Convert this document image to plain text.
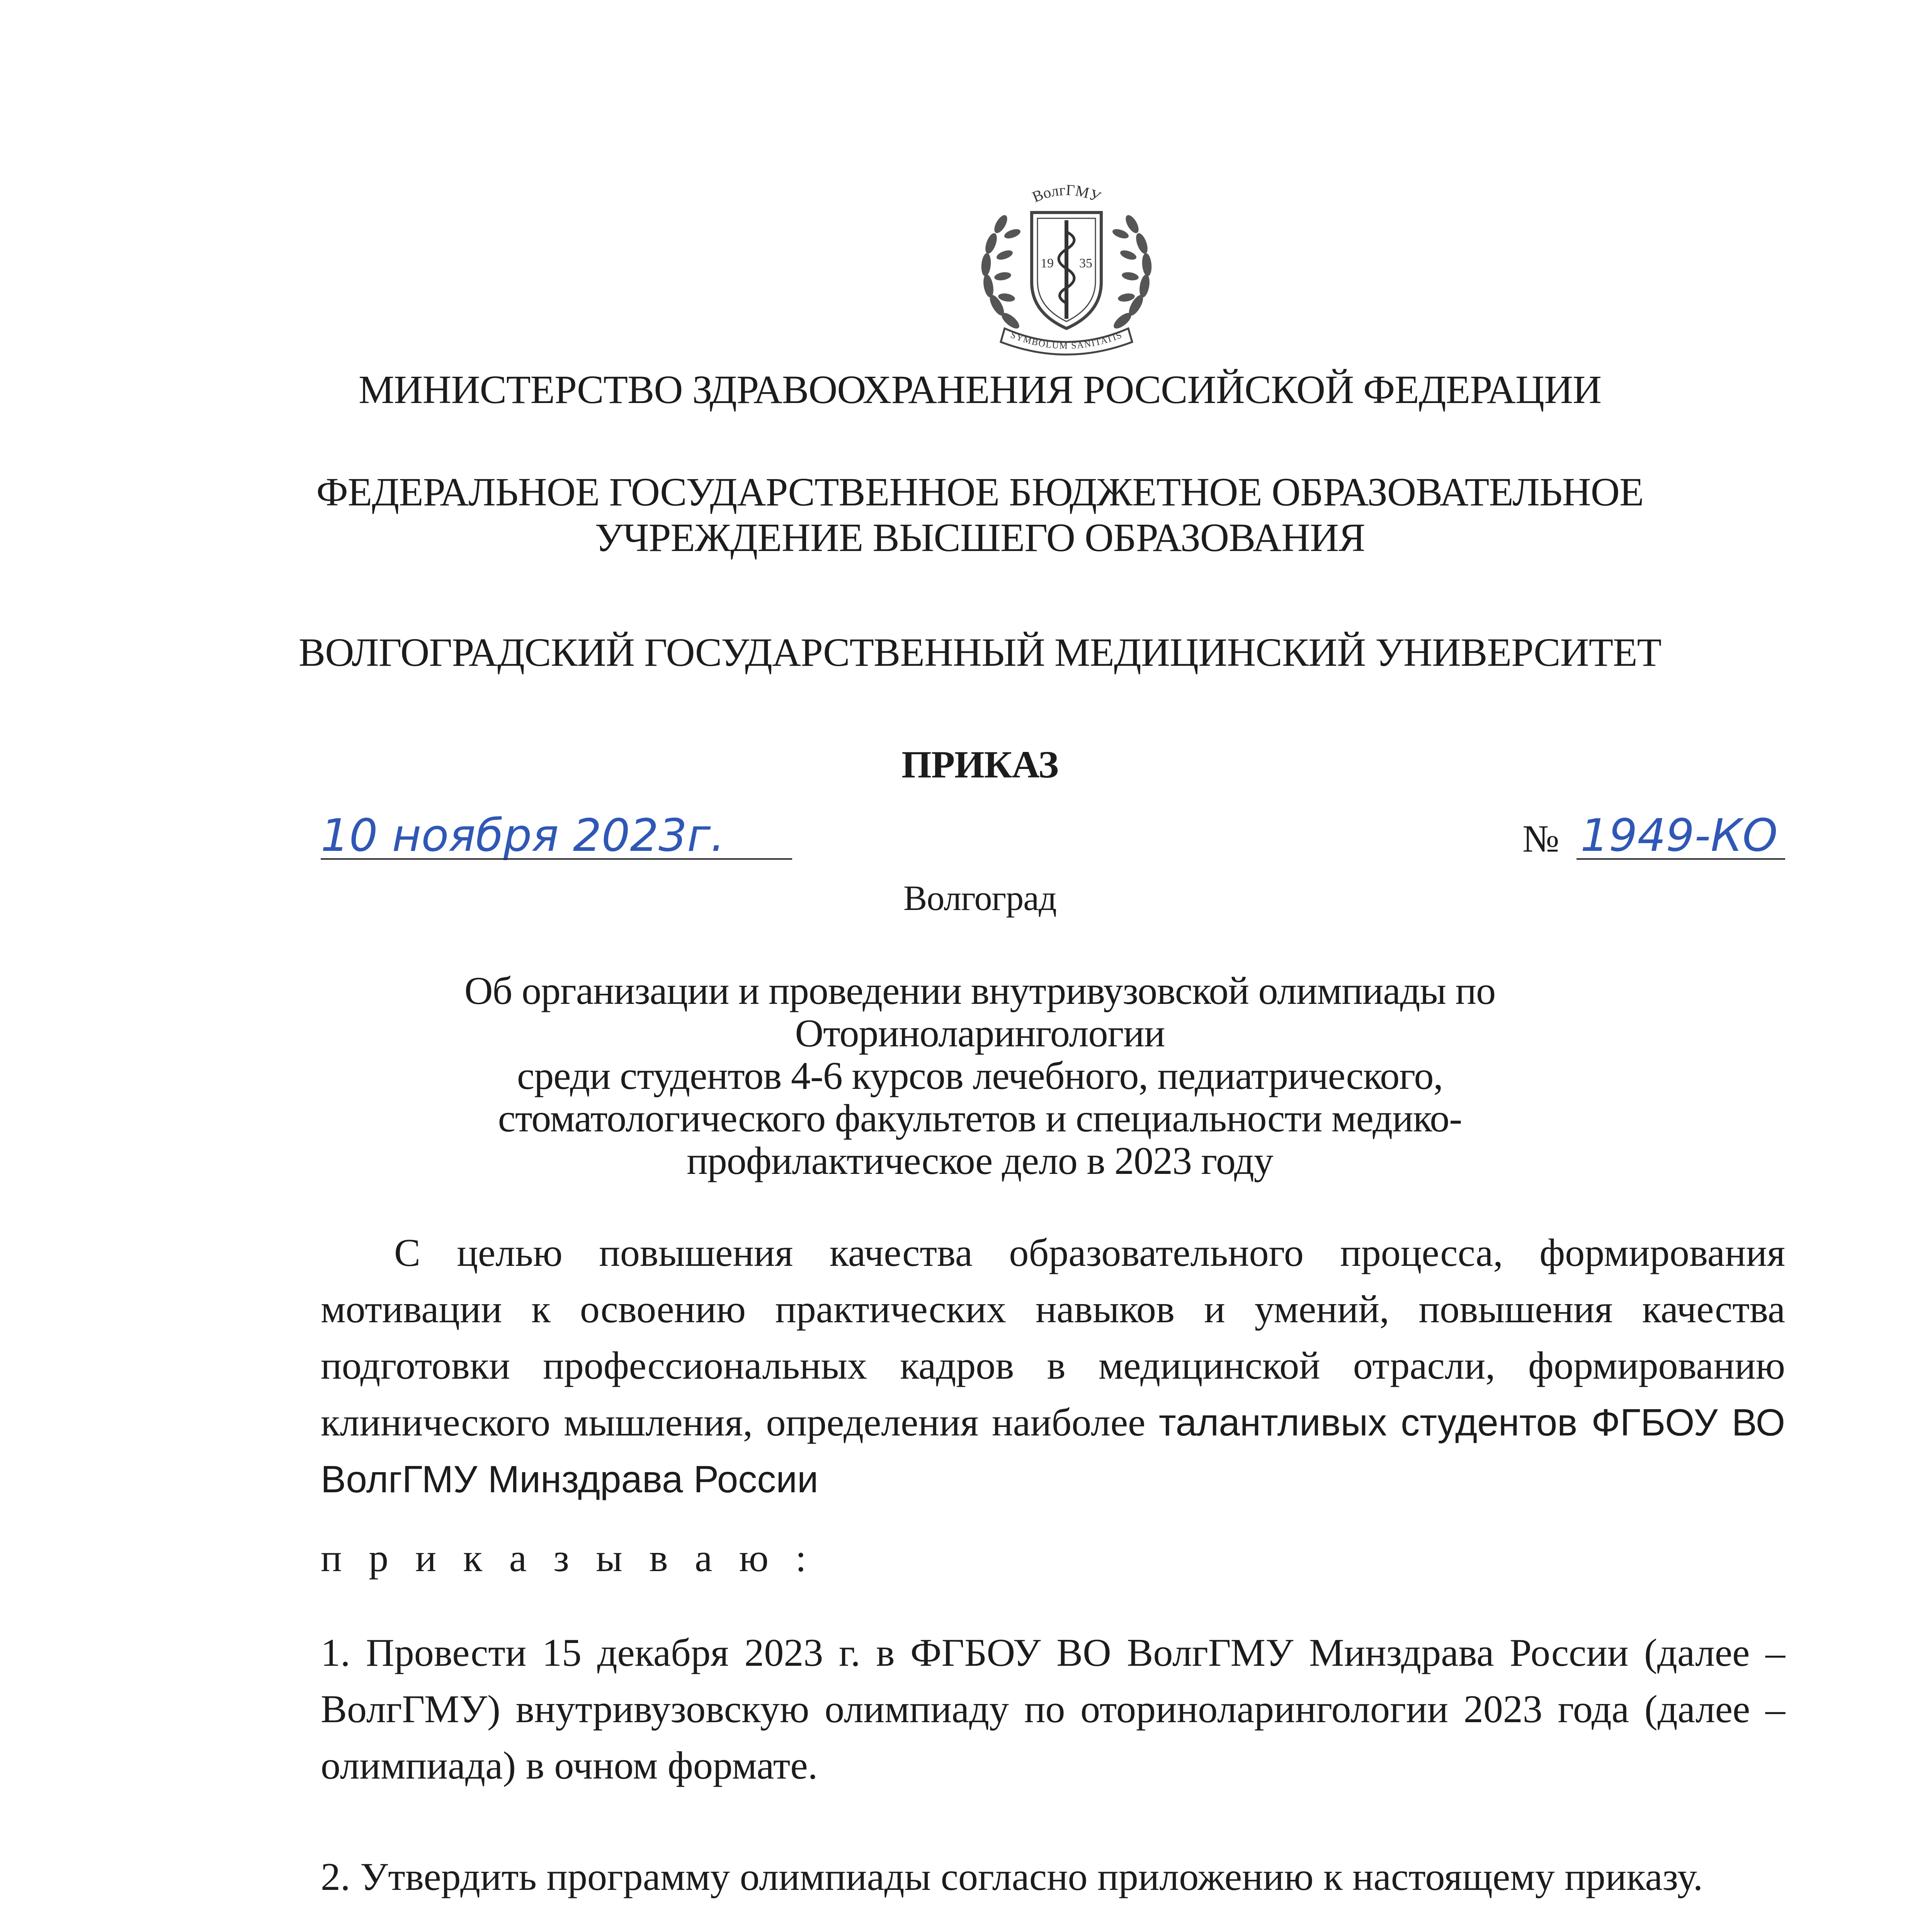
ВолгГМУ
19 35
SYMBOLUM SANITATIS
МИНИСТЕРСТВО ЗДРАВООХРАНЕНИЯ РОССИЙСКОЙ ФЕДЕРАЦИИ
ФЕДЕРАЛЬНОЕ ГОСУДАРСТВЕННОЕ БЮДЖЕТНОЕ ОБРАЗОВАТЕЛЬНОЕ
УЧРЕЖДЕНИЕ ВЫСШЕГО ОБРАЗОВАНИЯ
ВОЛГОГРАДСКИЙ ГОСУДАРСТВЕННЫЙ МЕДИЦИНСКИЙ УНИВЕРСИТЕТ
ПРИКАЗ
10 ноября 2023г.	№ 1949-КО
Волгоград
Об организации и проведении внутривузовской олимпиады по
Оториноларингологии
среди студентов 4-6 курсов лечебного, педиатрического,
стоматологического факультетов и специальности медико-
профилактическое дело в 2023 году
С целью повышения качества образовательного процесса, формирования мотивации к освоению практических навыков и умений, повышения качества подготовки профессиональных кадров в медицинской отрасли, формированию клинического мышления, определения наиболее талантливых студентов ФГБОУ ВО ВолгГМУ Минздрава России
п р и к а з ы в а ю :
1. Провести 15 декабря 2023 г. в ФГБОУ ВО ВолгГМУ Минздрава России (далее – ВолгГМУ) внутривузовскую олимпиаду по оториноларингологии 2023 года (далее – олимпиада) в очном формате.
2. Утвердить программу олимпиады согласно приложению к настоящему приказу.
